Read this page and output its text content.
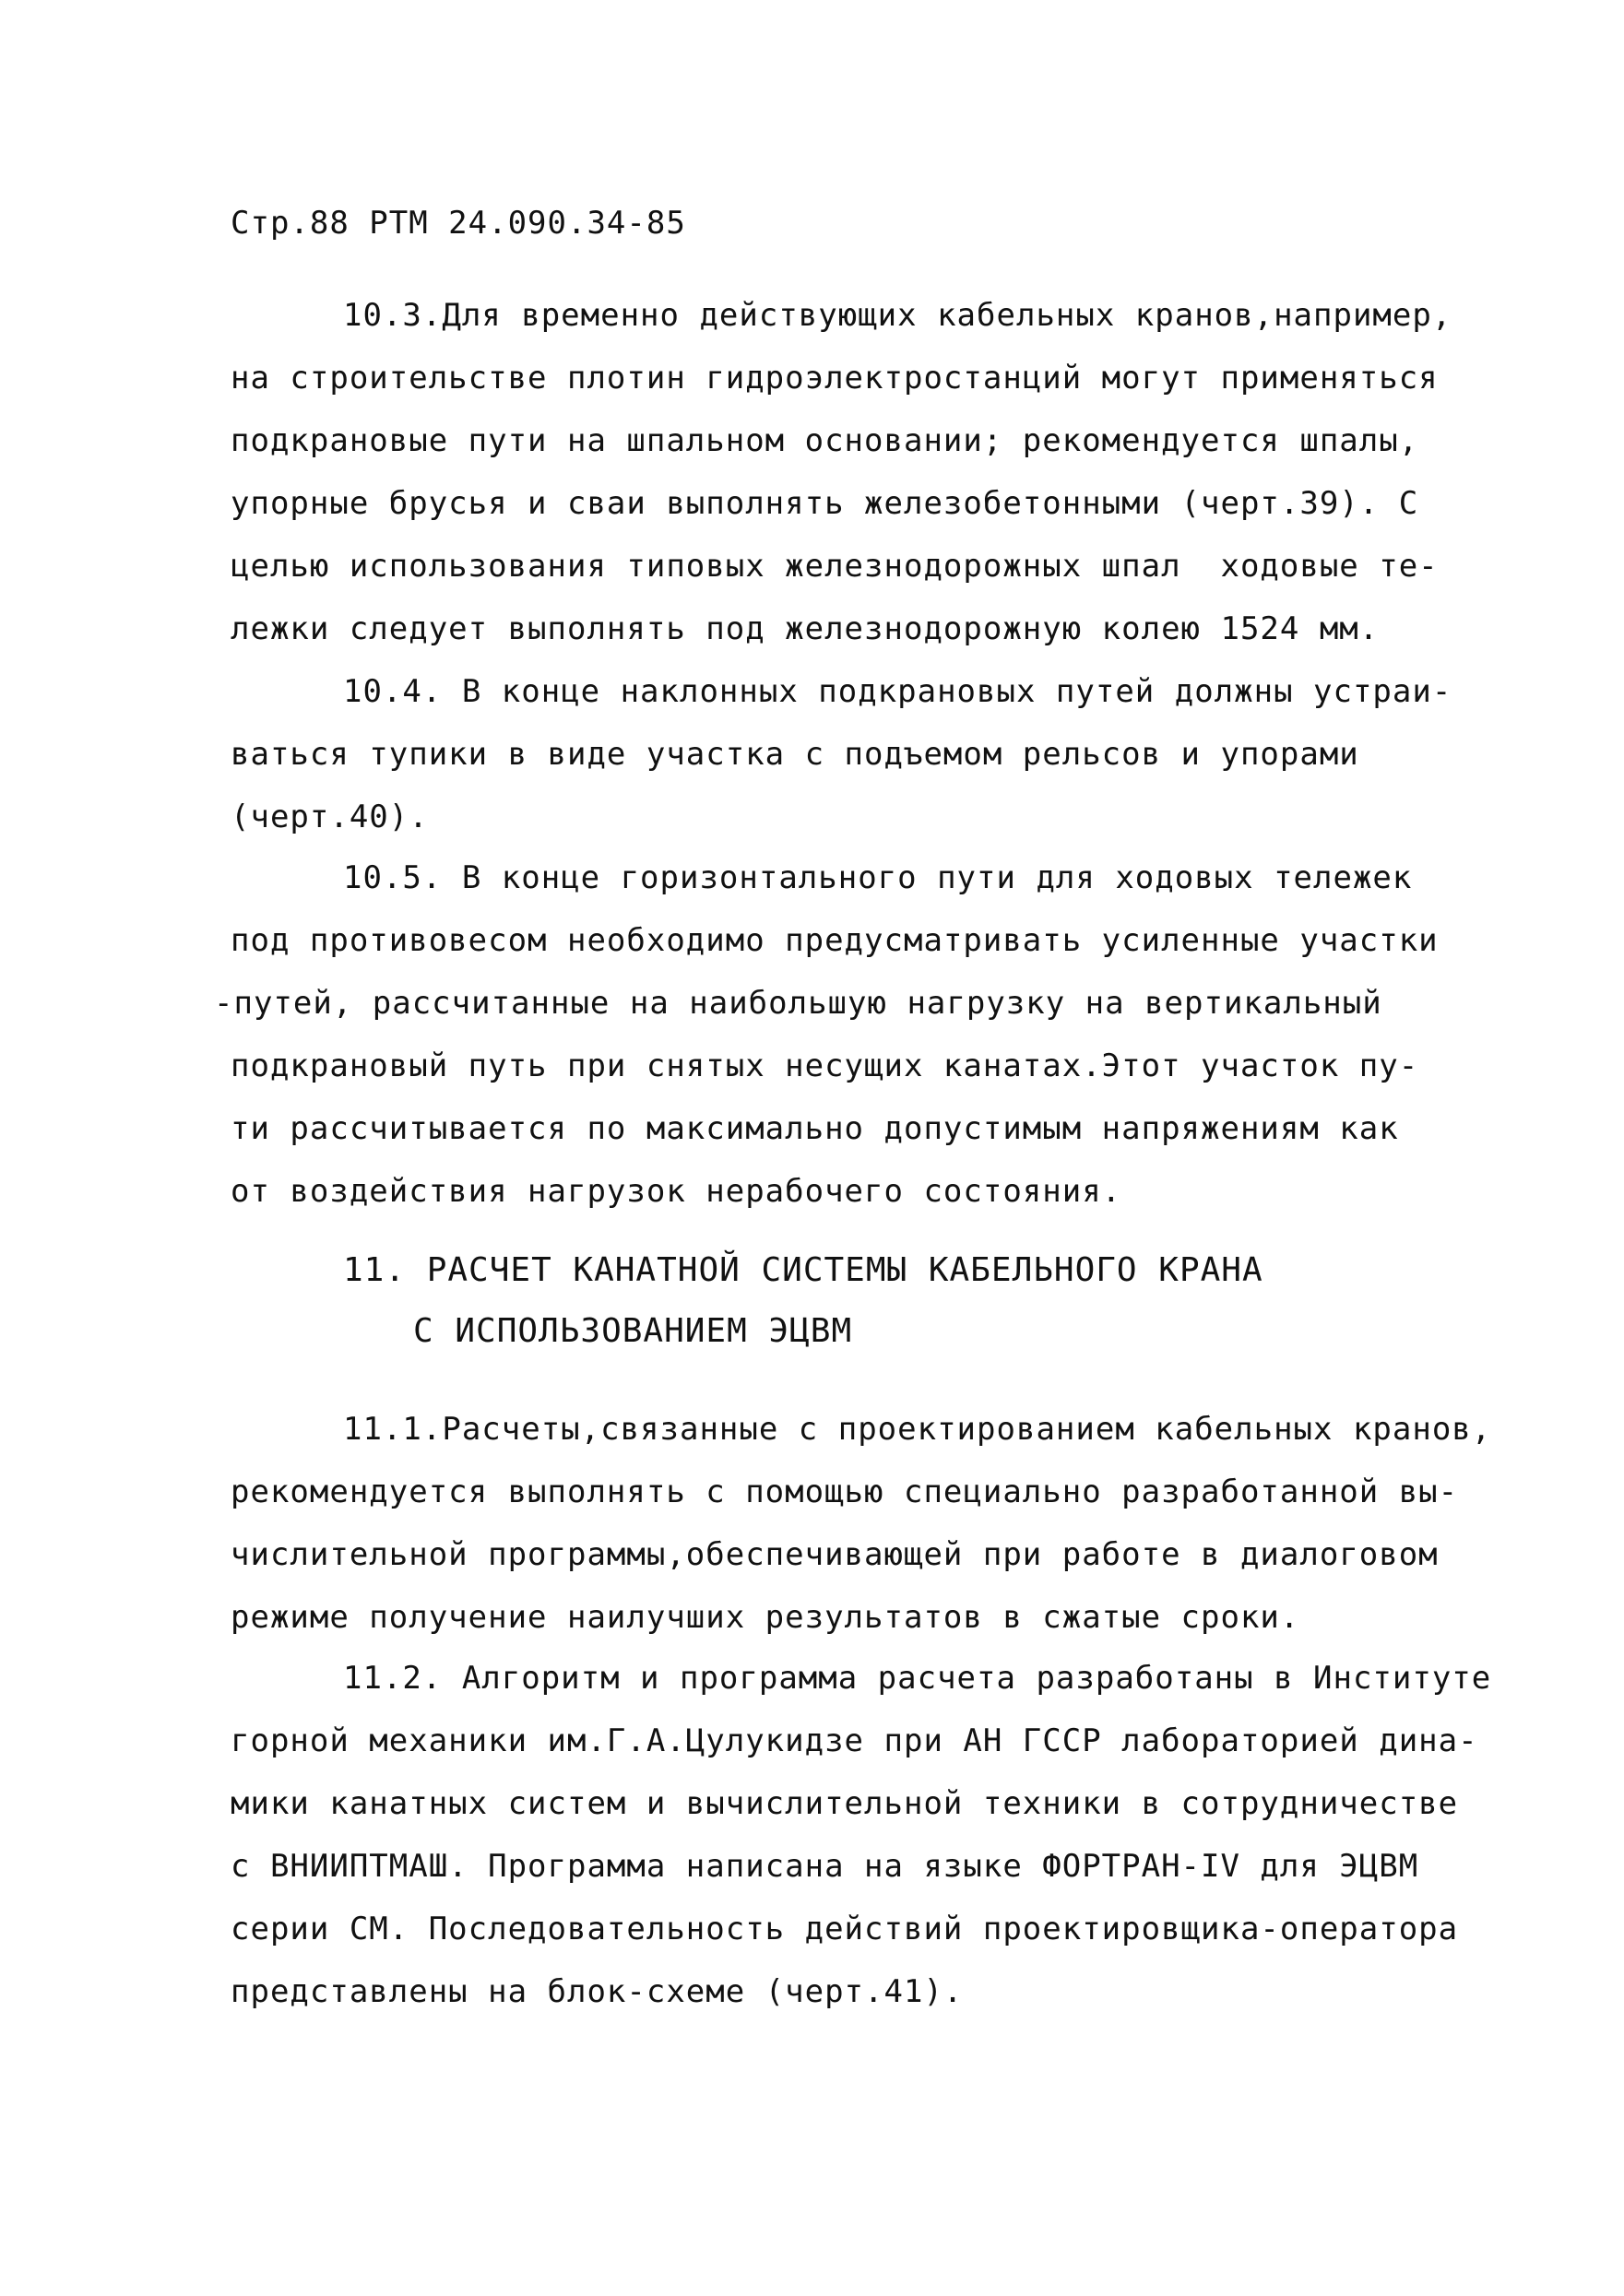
Стр.88 РТМ 24.090.34-85
10.3.Для временно действующих кабельных кранов,например,
на строительстве плотин гидроэлектростанций могут применяться
подкрановые пути на шпальном основании; рекомендуется шпалы,
упорные брусья и сваи выполнять железобетонными (черт.39). С
целью использования типовых железнодорожных шпал  ходовые те-
лежки следует выполнять под железнодорожную колею 1524 мм.
10.4. В конце наклонных подкрановых путей должны устраи-
ваться тупики в виде участка с подъемом рельсов и упорами
(черт.40).
10.5. В конце горизонтального пути для ходовых тележек
под противовесом необходимо предусматривать усиленные участки
-путей, рассчитанные на наибольшую нагрузку на вертикальный
подкрановый путь при снятых несущих канатах.Этот участок пу-
ти рассчитывается по максимально допустимым напряжениям как
от воздействия нагрузок нерабочего состояния.
11. РАСЧЕТ КАНАТНОЙ СИСТЕМЫ КАБЕЛЬНОГО КРАНА
С ИСПОЛЬЗОВАНИЕМ ЭЦВМ
11.1.Расчеты,связанные с проектированием кабельных кранов,
рекомендуется выполнять с помощью специально разработанной вы-
числительной программы,обеспечивающей при работе в диалоговом
режиме получение наилучших результатов в сжатые сроки.
11.2. Алгоритм и программа расчета разработаны в Институте
горной механики им.Г.А.Цулукидзе при АН ГССР лабораторией дина-
мики канатных систем и вычислительной техники в сотрудничестве
с ВНИИПТМАШ. Программа написана на языке ФОРТРАН-IV для ЭЦВМ
серии СМ. Последовательность действий проектировщика-оператора
представлены на блок-схеме (черт.41).
